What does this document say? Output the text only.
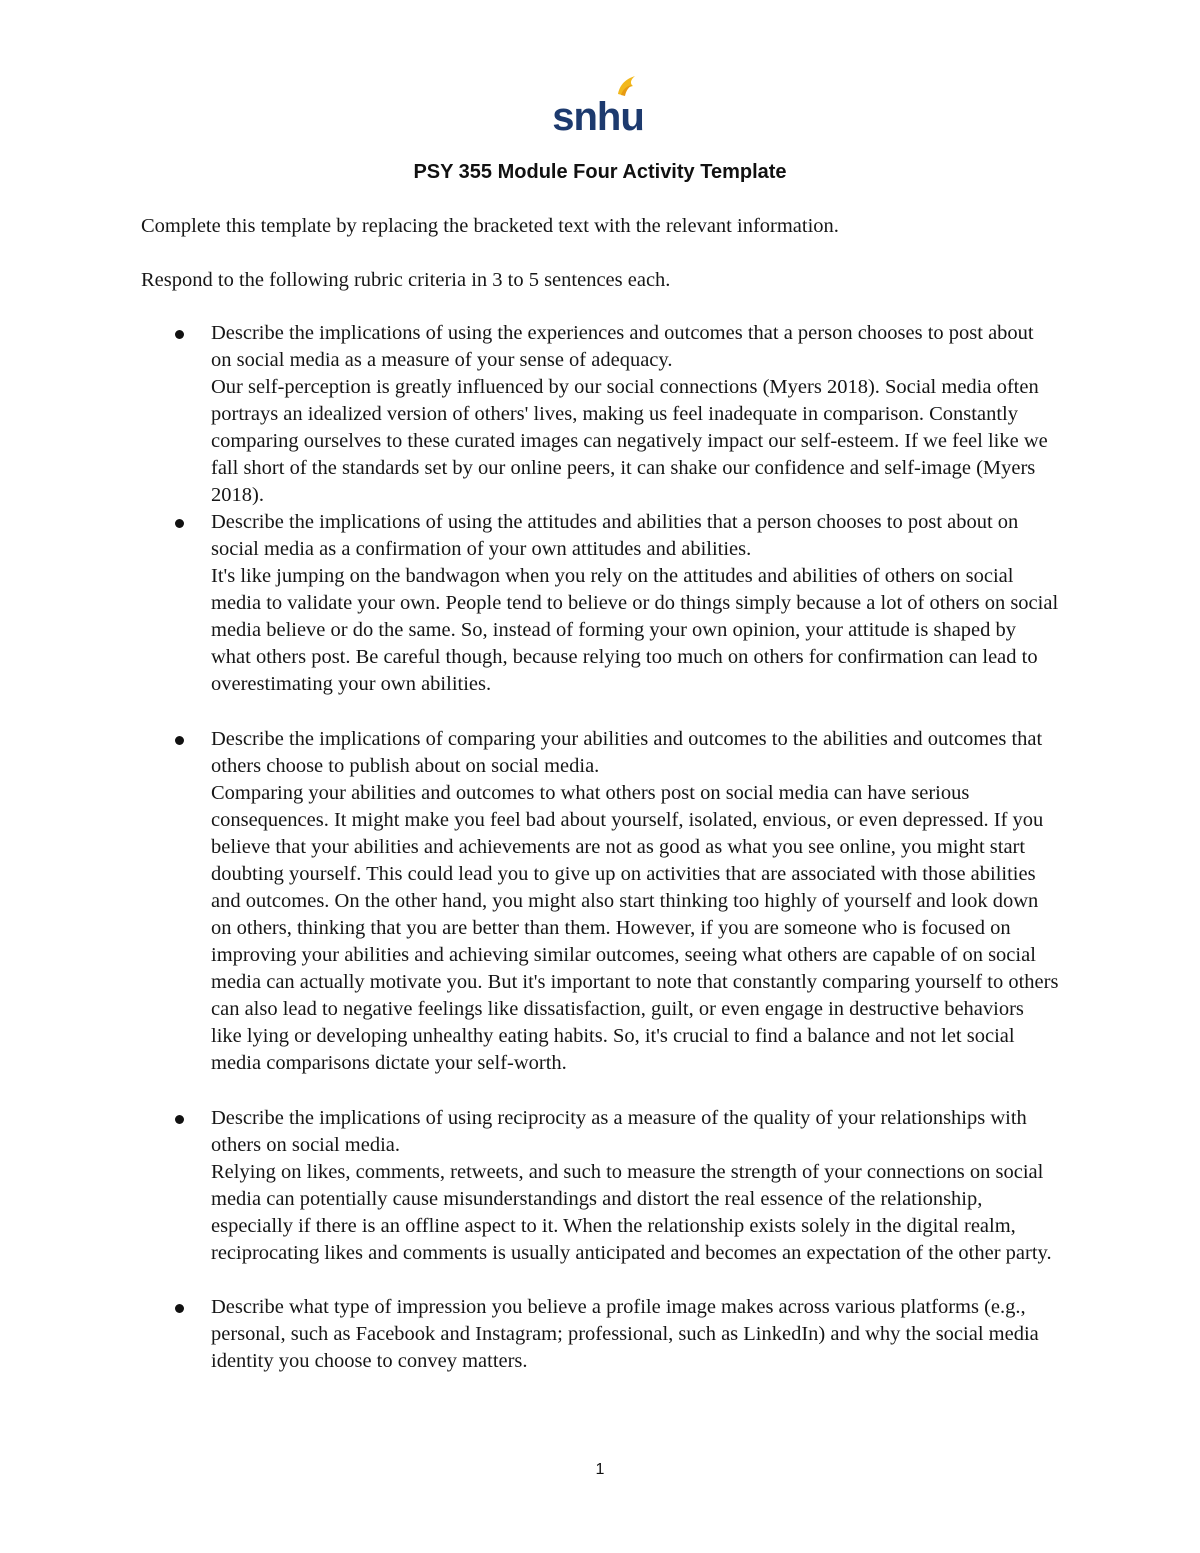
snhu
PSY 355 Module Four Activity Template

Complete this template by replacing the bracketed text with the relevant information.

Respond to the following rubric criteria in 3 to 5 sentences each.

Describe the implications of using the experiences and outcomes that a person chooses to post about on social media as a measure of your sense of adequacy.

Our self-perception is greatly influenced by our social connections (Myers 2018). Social media often portrays an idealized version of others' lives, making us feel inadequate in comparison. Constantly comparing ourselves to these curated images can negatively impact our self-esteem. If we feel like we fall short of the standards set by our online peers, it can shake our confidence and self-image (Myers 2018).

Describe the implications of using the attitudes and abilities that a person chooses to post about on social media as a confirmation of your own attitudes and abilities.

It's like jumping on the bandwagon when you rely on the attitudes and abilities of others on social media to validate your own. People tend to believe or do things simply because a lot of others on social media believe or do the same. So, instead of forming your own opinion, your attitude is shaped by what others post. Be careful though, because relying too much on others for confirmation can lead to overestimating your own abilities.

Describe the implications of comparing your abilities and outcomes to the abilities and outcomes that others choose to publish about on social media.

Comparing your abilities and outcomes to what others post on social media can have serious consequences. It might make you feel bad about yourself, isolated, envious, or even depressed. If you believe that your abilities and achievements are not as good as what you see online, you might start doubting yourself. This could lead you to give up on activities that are associated with those abilities and outcomes. On the other hand, you might also start thinking too highly of yourself and look down on others, thinking that you are better than them. However, if you are someone who is focused on improving your abilities and achieving similar outcomes, seeing what others are capable of on social media can actually motivate you. But it's important to note that constantly comparing yourself to others can also lead to negative feelings like dissatisfaction, guilt, or even engage in destructive behaviors like lying or developing unhealthy eating habits. So, it's crucial to find a balance and not let social media comparisons dictate your self-worth.

Describe the implications of using reciprocity as a measure of the quality of your relationships with others on social media.

Relying on likes, comments, retweets, and such to measure the strength of your connections on social media can potentially cause misunderstandings and distort the real essence of the relationship, especially if there is an offline aspect to it. When the relationship exists solely in the digital realm, reciprocating likes and comments is usually anticipated and becomes an expectation of the other party.

Describe what type of impression you believe a profile image makes across various platforms (e.g., personal, such as Facebook and Instagram; professional, such as LinkedIn) and why the social media identity you choose to convey matters.

1
